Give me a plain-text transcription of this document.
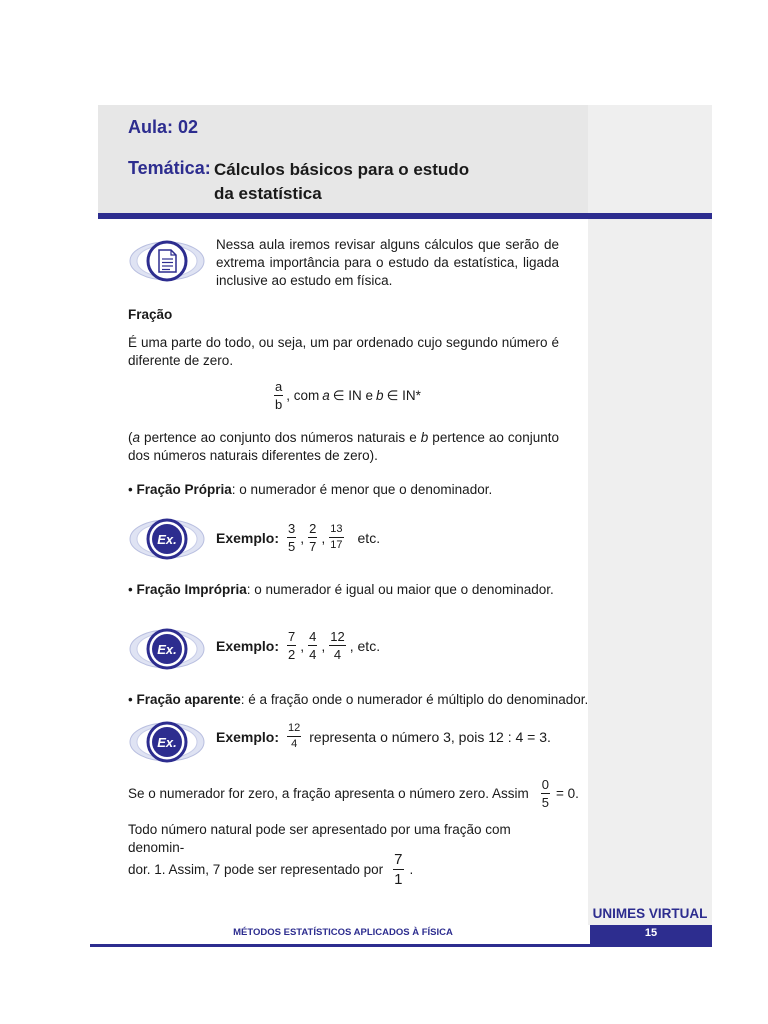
Aula: 02
Temática: Cálculos básicos para o estudo
da estatística
Nessa aula iremos revisar alguns cálculos que serão de extrema importância para o estudo da estatística, ligada inclusive ao estudo em física.
Fração
É uma parte do todo, ou seja, um par ordenado cujo segundo número é diferente de zero.
$\frac{a}{b}$ , com a ∈ IN e b ∈ IN*
(a pertence ao conjunto dos números naturais e b pertence ao conjunto dos números naturais diferentes de zero).
• Fração Própria: o numerador é menor que o denominador.
Ex.	Exemplo: $\frac{3}{5}$ , $\frac{2}{7}$ , $\frac{13}{17}$ etc.
• Fração Imprópria: o numerador é igual ou maior que o denominador.
Ex.	Exemplo: $\frac{7}{2}$ , $\frac{4}{4}$ , $\frac{12}{4}$ , etc.
• Fração aparente: é a fração onde o numerador é múltiplo do denominador.
Ex.	Exemplo: $\frac{12}{4}$ representa o número 3, pois 12 : 4 = 3.
Se o numerador for zero, a fração apresenta o número zero. Assim $\frac{0}{5} = 0$.
Todo número natural pode ser apresentado por uma fração com denomin-
dor. 1. Assim, 7 pode ser representado por $\frac{7}{1}$ .
UNIMES VIRTUAL
15
MÉTODOS ESTATÍSTICOS APLICADOS À FÍSICA
